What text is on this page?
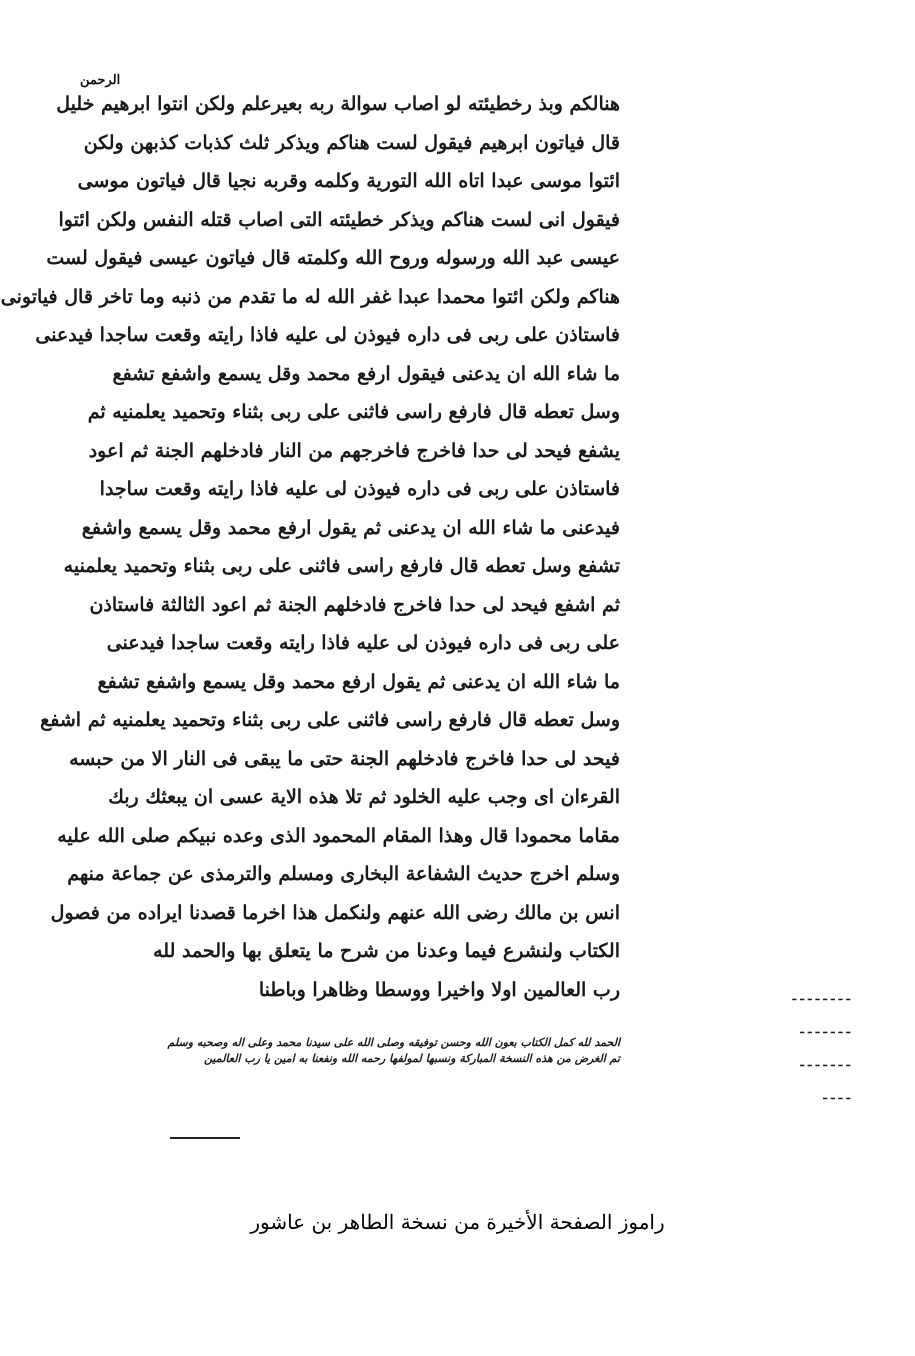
الرحمن
هنالكم وبذ رخطيئته لو اصاب سوالة ربه بعيرعلم ولكن انتوا ابرهيم خليل
قال فياتون ابرهيم فيقول لست هناكم ويذكر ثلث كذبات كذبهن ولكن
ائتوا موسى عبدا اتاه الله التورية وكلمه وقربه نجيا قال فياتون موسى
فيقول انى لست هناكم ويذكر خطيئته التى اصاب قتله النفس ولكن ائتوا
عيسى عبد الله ورسوله وروح الله وكلمته قال فياتون عيسى فيقول لست
هناكم ولكن ائتوا محمدا عبدا غفر الله له ما تقدم من ذنبه وما تاخر قال فياتونى
فاستاذن على ربى فى داره فيوذن لى عليه فاذا رايته وقعت ساجدا فيدعنى
ما شاء الله ان يدعنى فيقول ارفع محمد وقل يسمع واشفع تشفع
وسل تعطه قال فارفع راسى فاثنى على ربى بثناء وتحميد يعلمنيه ثم
يشفع فيحد لى حدا فاخرج فاخرجهم من النار فادخلهم الجنة ثم اعود
فاستاذن على ربى فى داره فيوذن لى عليه فاذا رايته وقعت ساجدا
فيدعنى ما شاء الله ان يدعنى ثم يقول ارفع محمد وقل يسمع واشفع
تشفع وسل تعطه قال فارفع راسى فاثنى على ربى بثناء وتحميد يعلمنيه
ثم اشفع فيحد لى حدا فاخرج فادخلهم الجنة ثم اعود الثالثة فاستاذن
على ربى فى داره فيوذن لى عليه فاذا رايته وقعت ساجدا فيدعنى
ما شاء الله ان يدعنى ثم يقول ارفع محمد وقل يسمع واشفع تشفع
وسل تعطه قال فارفع راسى فاثنى على ربى بثناء وتحميد يعلمنيه ثم اشفع
فيحد لى حدا فاخرج فادخلهم الجنة حتى ما يبقى فى النار الا من حبسه
القرءان اى وجب عليه الخلود ثم تلا هذه الاية عسى ان يبعثك ربك
مقاما محمودا قال وهذا المقام المحمود الذى وعده نبيكم صلى الله عليه
وسلم اخرج حديث الشفاعة البخارى ومسلم والترمذى عن جماعة منهم
انس بن مالك رضى الله عنهم ولنكمل هذا اخرما قصدنا ايراده من فصول
الكتاب ولنشرع فيما وعدنا من شرح ما يتعلق بها والحمد لله
رب العالمين اولا واخيرا ووسطا وظاهرا وباطنا
الحمد لله كمل الكتاب بعون الله وحسن توفيقه وصلى الله على سيدنا محمد وعلى اله وصحبه وسلم
تم الغرض من هذه النسخة المباركة ونسبها لمولفها رحمه الله ونفعنا به امين يا رب العالمين
ـ ـ ـ ـ ـ ـ ـ ـ
ـ ـ ـ ـ ـ ـ ـ
ـ ـ ـ ـ ـ ـ ـ
ـ ـ ـ ـ
راموز الصفحة الأخيرة من نسخة الطاهر بن عاشور
